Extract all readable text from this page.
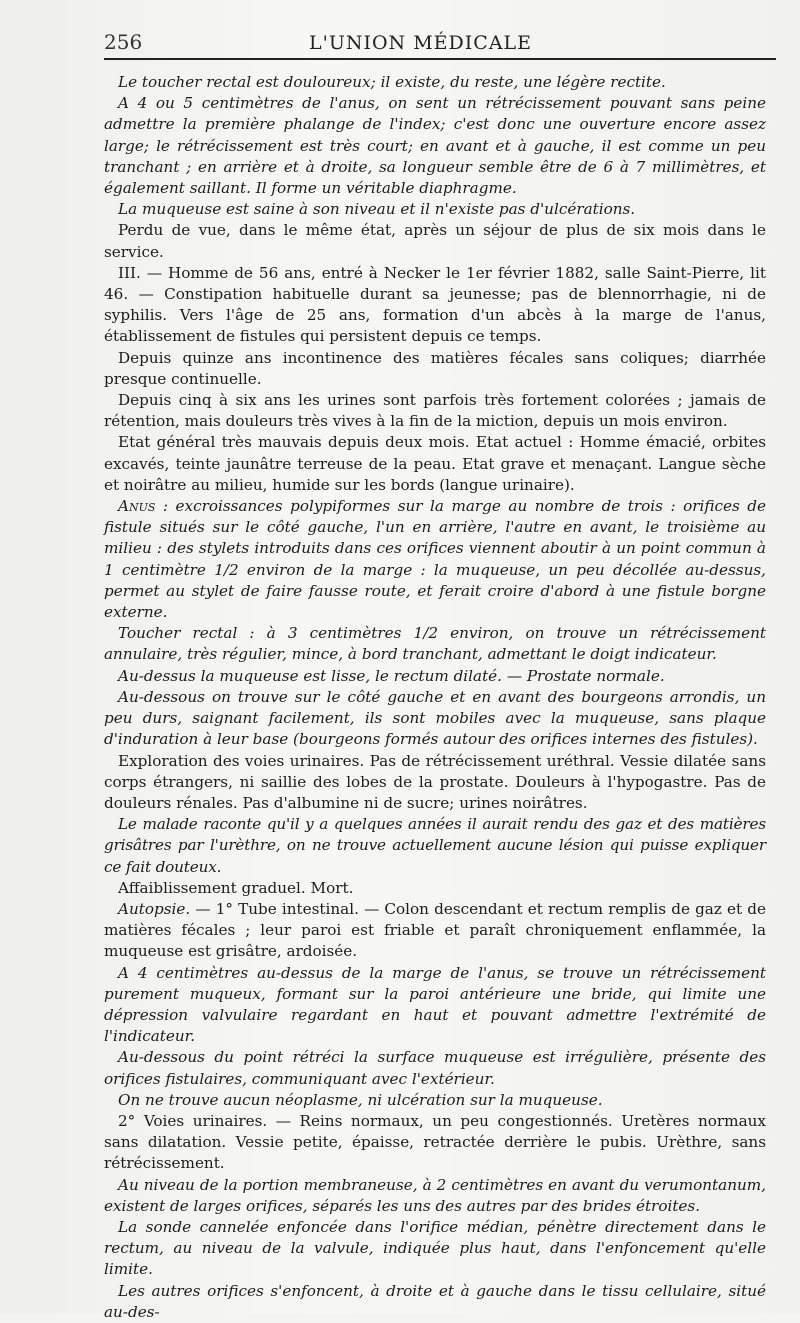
256	L'UNION MÉDICALE

Le toucher rectal est douloureux; il existe, du reste, une légère rectite.

A 4 ou 5 centimètres de l'anus, on sent un rétrécissement pouvant sans peine admettre la première phalange de l'index; c'est donc une ouverture encore assez large; le rétrécissement est très court; en avant et à gauche, il est comme un peu tranchant ; en arrière et à droite, sa longueur semble être de 6 à 7 millimètres, et également saillant. Il forme un véritable diaphragme.

La muqueuse est saine à son niveau et il n'existe pas d'ulcérations.

Perdu de vue, dans le même état, après un séjour de plus de six mois dans le service.

III. — Homme de 56 ans, entré à Necker le 1er février 1882, salle Saint-Pierre, lit 46. — Constipation habituelle durant sa jeunesse; pas de blennorrhagie, ni de syphilis. Vers l'âge de 25 ans, formation d'un abcès à la marge de l'anus, établissement de fistules qui persistent depuis ce temps.

Depuis quinze ans incontinence des matières fécales sans coliques; diarrhée presque continuelle.

Depuis cinq à six ans les urines sont parfois très fortement colorées ; jamais de rétention, mais douleurs très vives à la fin de la miction, depuis un mois environ.

Etat général très mauvais depuis deux mois. Etat actuel : Homme émacié, orbites excavés, teinte jaunâtre terreuse de la peau. Etat grave et menaçant. Langue sèche et noirâtre au milieu, humide sur les bords (langue urinaire).

Anus : excroissances polypiformes sur la marge au nombre de trois : orifices de fistule situés sur le côté gauche, l'un en arrière, l'autre en avant, le troisième au milieu : des stylets introduits dans ces orifices viennent aboutir à un point commun à 1 centimètre 1/2 environ de la marge : la muqueuse, un peu décollée au-dessus, permet au stylet de faire fausse route, et ferait croire d'abord à une fistule borgne externe.

Toucher rectal : à 3 centimètres 1/2 environ, on trouve un rétrécissement annulaire, très régulier, mince, à bord tranchant, admettant le doigt indicateur.

Au-dessus la muqueuse est lisse, le rectum dilaté. — Prostate normale.

Au-dessous on trouve sur le côté gauche et en avant des bourgeons arrondis, un peu durs, saignant facilement, ils sont mobiles avec la muqueuse, sans plaque d'induration à leur base (bourgeons formés autour des orifices internes des fistules).

Exploration des voies urinaires. Pas de rétrécissement uréthral. Vessie dilatée sans corps étrangers, ni saillie des lobes de la prostate. Douleurs à l'hypogastre. Pas de douleurs rénales. Pas d'albumine ni de sucre; urines noirâtres.

Le malade raconte qu'il y a quelques années il aurait rendu des gaz et des matières grisâtres par l'urèthre, on ne trouve actuellement aucune lésion qui puisse expliquer ce fait douteux.

Affaiblissement graduel. Mort.

Autopsie. — 1° Tube intestinal. — Colon descendant et rectum remplis de gaz et de matières fécales ; leur paroi est friable et paraît chroniquement enflammée, la muqueuse est grisâtre, ardoisée.

A 4 centimètres au-dessus de la marge de l'anus, se trouve un rétrécissement purement muqueux, formant sur la paroi antérieure une bride, qui limite une dépression valvulaire regardant en haut et pouvant admettre l'extrémité de l'indicateur.

Au-dessous du point rétréci la surface muqueuse est irrégulière, présente des orifices fistulaires, communiquant avec l'extérieur.

On ne trouve aucun néoplasme, ni ulcération sur la muqueuse.

2° Voies urinaires. — Reins normaux, un peu congestionnés. Uretères normaux sans dilatation. Vessie petite, épaisse, retractée derrière le pubis. Urèthre, sans rétrécissement.

Au niveau de la portion membraneuse, à 2 centimètres en avant du verumontanum, existent de larges orifices, séparés les uns des autres par des brides étroites.

La sonde cannelée enfoncée dans l'orifice médian, pénètre directement dans le rectum, au niveau de la valvule, indiquée plus haut, dans l'enfoncement qu'elle limite.

Les autres orifices s'enfoncent, à droite et à gauche dans le tissu cellulaire, situé au-des-
